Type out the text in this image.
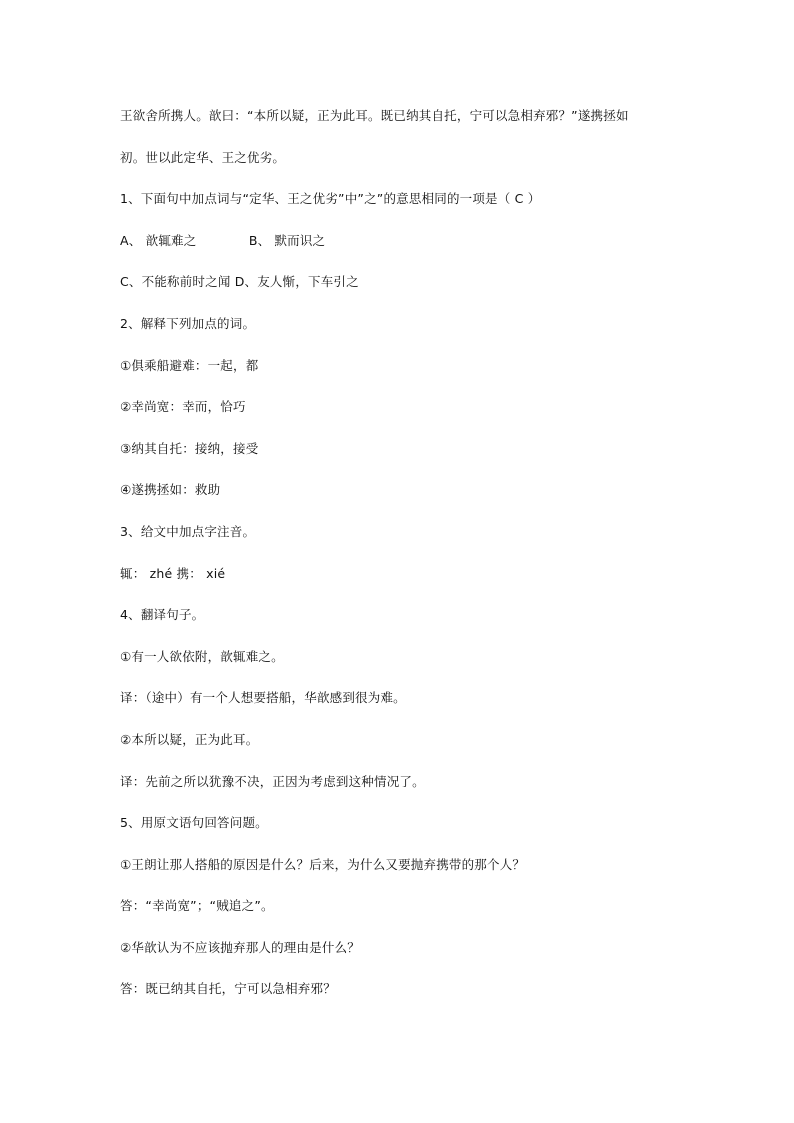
王欲舍所携人。歆曰：“本所以疑，正为此耳。既已纳其自托，宁可以急相弃邪？”遂携拯如
初。世以此定华、王之优劣。
1、下面句中加点词与“定华、王之优劣”中”之”的意思相同的一项是（ C ）
A、 歆辄难之	B、 默而识之
C、不能称前时之闻 D、友人惭，下车引之
2、解释下列加点的词。
①俱乘船避难：一起，都
②幸尚宽：幸而，恰巧
③纳其自托：接纳，接受
④遂携拯如：救助
3、给文中加点字注音。
辄： zhé 携： xié
4、翻译句子。
①有一人欲依附，歆辄难之。
译：（途中）有一个人想要搭船，华歆感到很为难。
②本所以疑，正为此耳。
译：先前之所以犹豫不决，正因为考虑到这种情况了。
5、用原文语句回答问题。
①王朗让那人搭船的原因是什么？后来，为什么又要抛弃携带的那个人？
答：“幸尚宽”；“贼追之”。
②华歆认为不应该抛弃那人的理由是什么？
答：既已纳其自托，宁可以急相弃邪？
